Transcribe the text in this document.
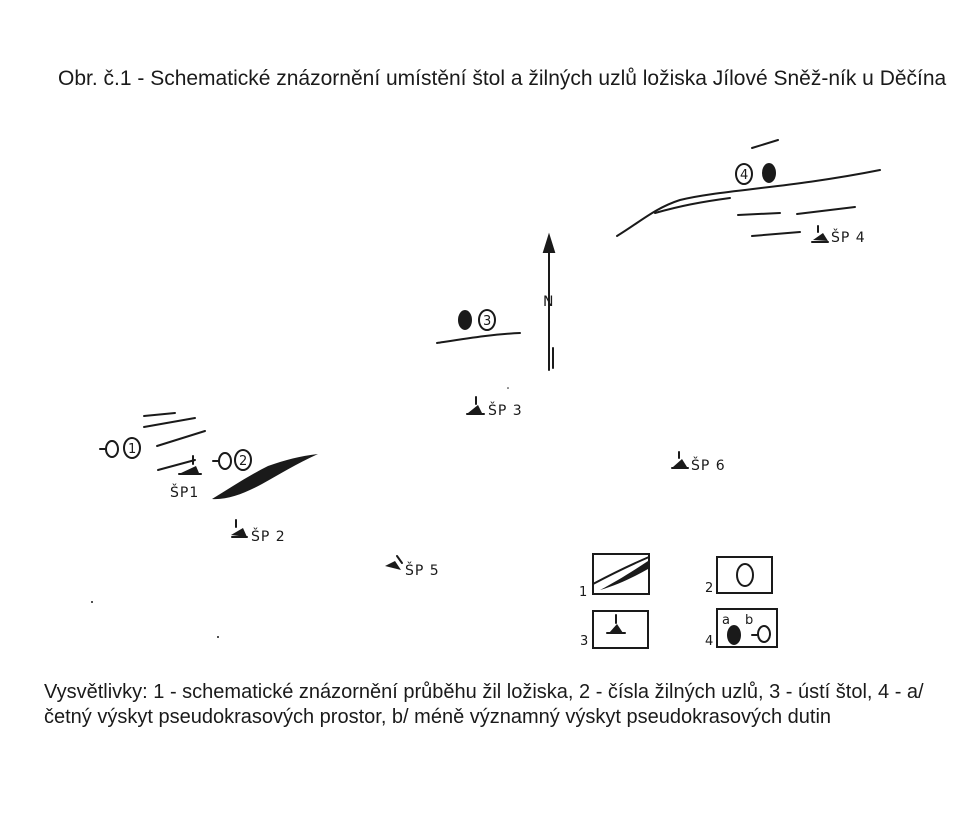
Obr. č.1 - Schematické znázornění umístění štol a žilných uzlů ložiska Jílové Sněž-ník u Děčína
N
1
2
3
4
ŠP1
ŠP 2
ŠP 3
ŠP 4
ŠP 5
ŠP 6
1	2
3	4
a b
Vysvětlivky: 1 - schematické znázornění průběhu žil ložiska, 2 - čísla žilných uzlů, 3 - ústí štol, 4 - a/ četný výskyt pseudokrasových prostor, b/ méně významný výskyt pseudokrasových dutin
